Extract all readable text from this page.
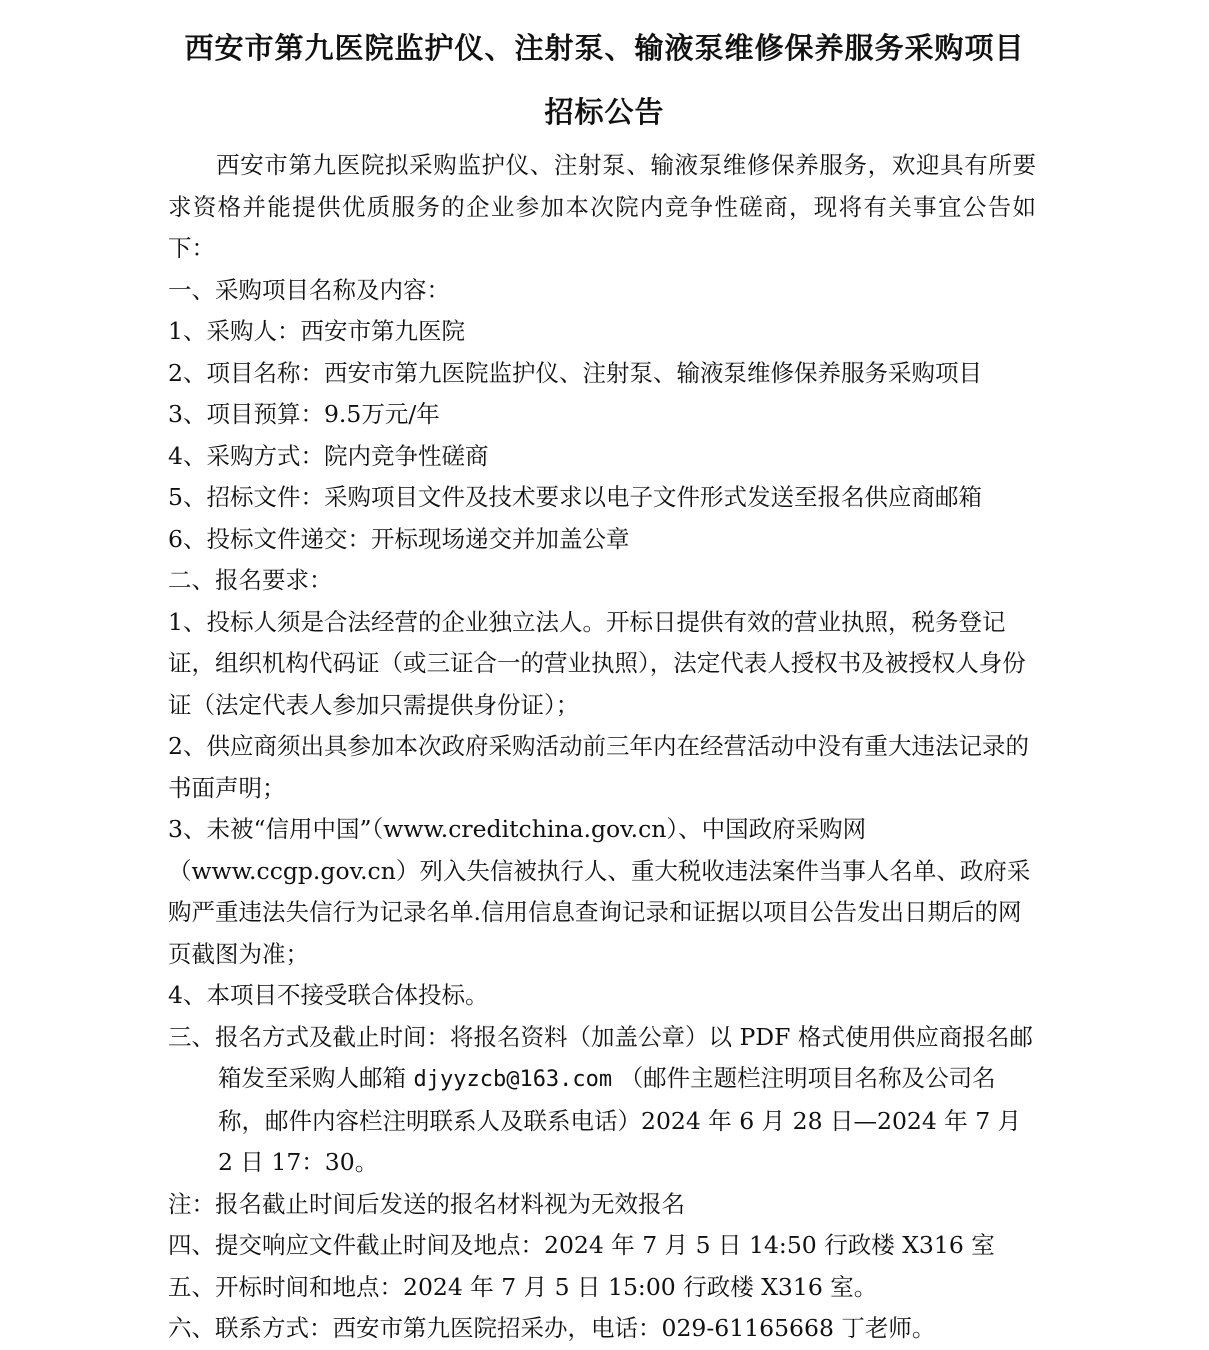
西安市第九医院监护仪、注射泵、输液泵维修保养服务采购项目
招标公告

西安市第九医院拟采购监护仪、注射泵、输液泵维修保养服务，欢迎具有所要求资格并能提供优质服务的企业参加本次院内竞争性磋商，现将有关事宜公告如下：

一、采购项目名称及内容：

1、采购人：西安市第九医院

2、项目名称：西安市第九医院监护仪、注射泵、输液泵维修保养服务采购项目

3、项目预算：9.5万元/年

4、采购方式：院内竞争性磋商

5、招标文件：采购项目文件及技术要求以电子文件形式发送至报名供应商邮箱

6、投标文件递交：开标现场递交并加盖公章

二、报名要求：

1、投标人须是合法经营的企业独立法人。开标日提供有效的营业执照，税务登记证，组织机构代码证（或三证合一的营业执照），法定代表人授权书及被授权人身份证（法定代表人参加只需提供身份证）；

2、供应商须出具参加本次政府采购活动前三年内在经营活动中没有重大违法记录的书面声明；

3、未被“信用中国”（www.creditchina.gov.cn）、中国政府采购网（www.ccgp.gov.cn）列入失信被执行人、重大税收违法案件当事人名单、政府采购严重违法失信行为记录名单.信用信息查询记录和证据以项目公告发出日期后的网页截图为准；

4、本项目不接受联合体投标。

三、报名方式及截止时间：将报名资料（加盖公章）以 PDF 格式使用供应商报名邮箱发至采购人邮箱 djyyzcb@163.com （邮件主题栏注明项目名称及公司名称，邮件内容栏注明联系人及联系电话）2024 年 6 月 28 日—2024 年 7 月 2 日 17：30。

注：报名截止时间后发送的报名材料视为无效报名

四、提交响应文件截止时间及地点：2024 年 7 月 5 日 14:50 行政楼 X316 室

五、开标时间和地点：2024 年 7 月 5 日 15:00 行政楼 X316 室。

六、联系方式：西安市第九医院招采办，电话：029-61165668 丁老师。
